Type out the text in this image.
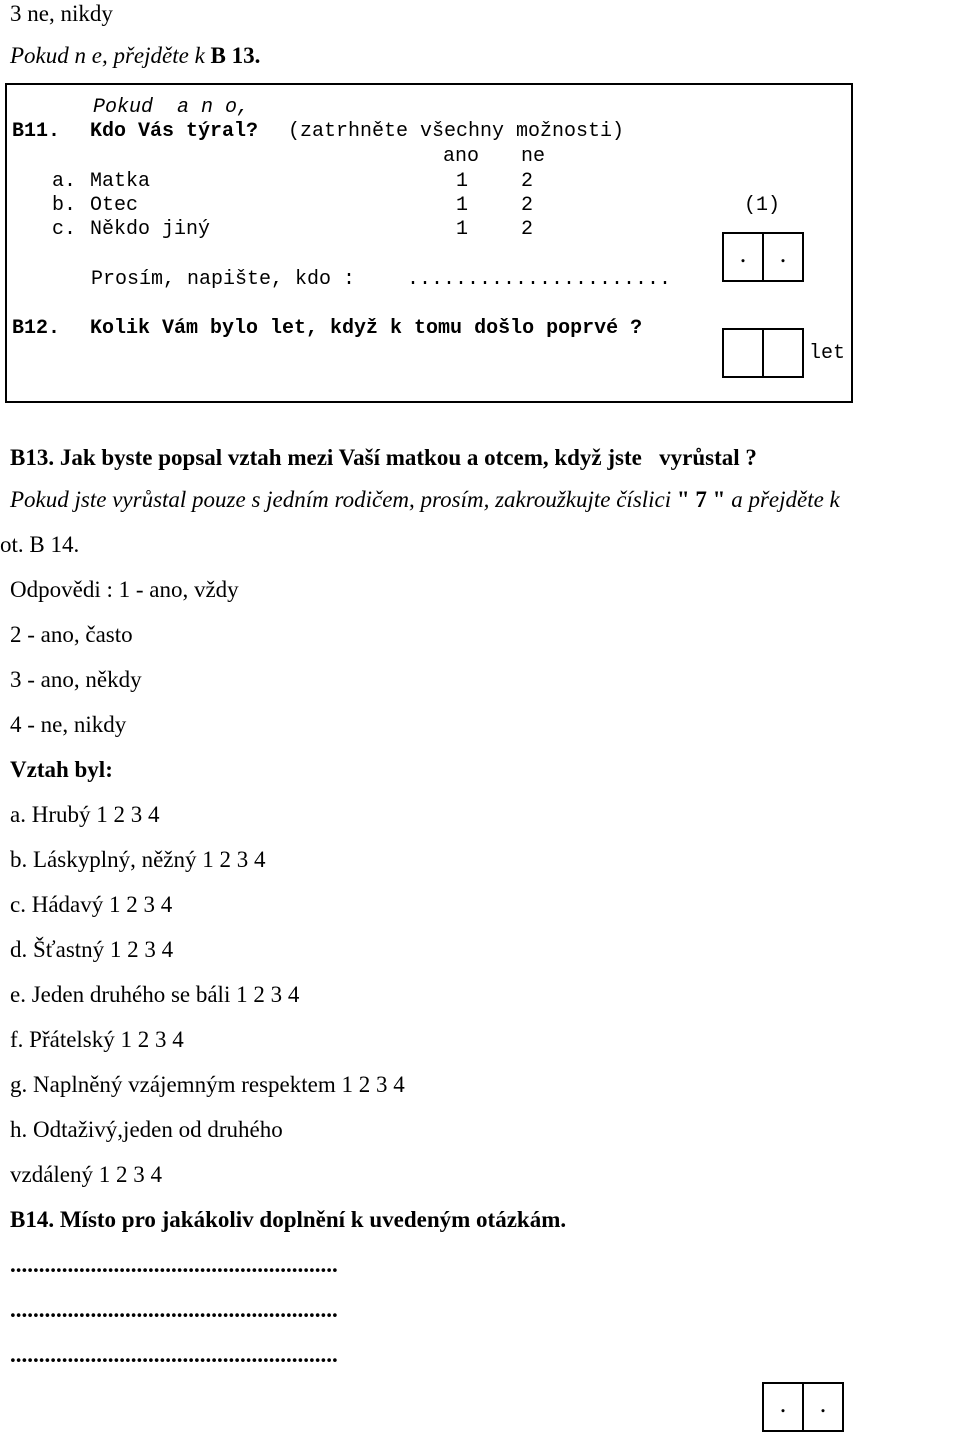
3 ne, nikdy
Pokud n e, přejděte k B 13.
Pokud  a n o,
B11. Kdo Vás týral? (zatrhněte všechny možnosti)
ano ne
a. Matka	1	2
b. Otec	1	2	(1)
c. Někdo jiný	1	2
.	.
Prosím, napište, kdo :	......................
B12. Kolik Vám bylo let, když k tomu došlo poprvé ?
let
B13. Jak byste popsal vztah mezi Vaší matkou a otcem, když jste   vyrůstal ?
Pokud jste vyrůstal pouze s jedním rodičem, prosím, zakroužkujte číslici " 7 " a přejděte k
ot. B 14.
Odpovědi : 1 - ano, vždy
2 - ano, často
3 - ano, někdy
4 - ne, nikdy
Vztah byl:
a. Hrubý 1 2 3 4
b. Láskyplný, něžný 1 2 3 4
c. Hádavý 1 2 3 4
d. Šťastný 1 2 3 4
e. Jeden druhého se báli 1 2 3 4
f. Přátelský 1 2 3 4
g. Naplněný vzájemným respektem 1 2 3 4
h. Odtaživý,jeden od druhého
vzdálený 1 2 3 4
B14. Místo pro jakákoliv doplnění k uvedeným otázkám.
.........................................................
.........................................................
.........................................................
.	.
